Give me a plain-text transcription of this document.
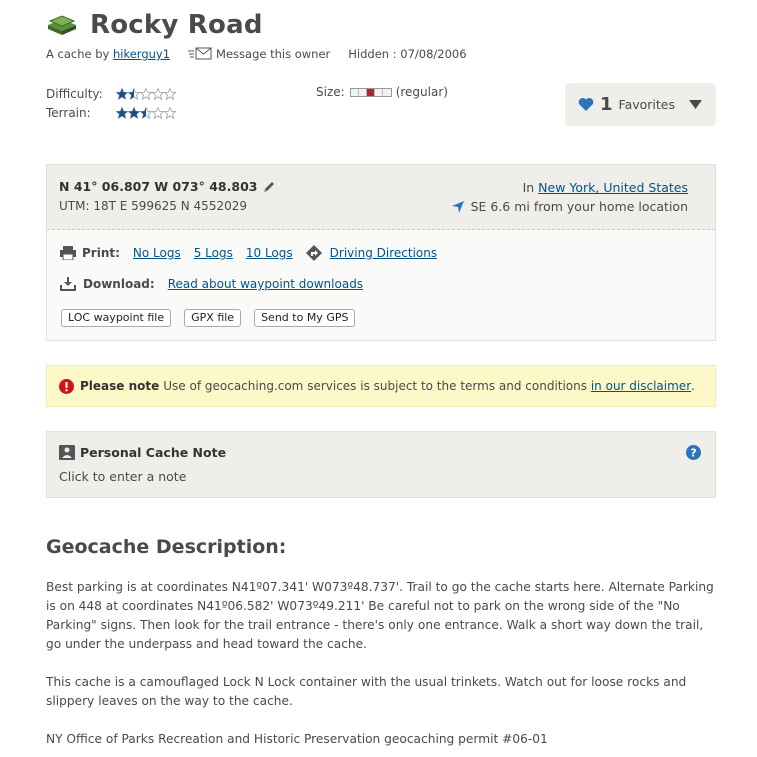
Rocky Road
A cache by
hikerguy1	Message this owner Hidden : 07/08/2006
Difficulty:
Terrain:
Size:	(regular)
1 Favorites
N 41° 06.807 W 073° 48.803
UTM: 18T E 599625 N 4552029
In New York, United States
SE 6.6 mi from your home location
Print: No Logs 5 Logs 10 Logs	Driving Directions
Download: Read about waypoint downloads
LOC waypoint file	GPX file	Send to My GPS
Please note Use of geocaching.com services is subject to the terms and conditions
in our disclaimer .
Personal Cache Note
Click to enter a note
?
Geocache Description:

Best parking is at coordinates N41º07.341' W073º48.737'. Trail to go the cache starts here. Alternate Parking is on 448 at coordinates N41º06.582' W073º49.211' Be careful not to park on the wrong side of the "No Parking" signs. Then look for the trail entrance - there's only one entrance. Walk a short way down the trail, go under the underpass and head toward the cache.

This cache is a camouflaged Lock N Lock container with the usual trinkets. Watch out for loose rocks and slippery leaves on the way to the cache.

NY Office of Parks Recreation and Historic Preservation geocaching permit #06-01
